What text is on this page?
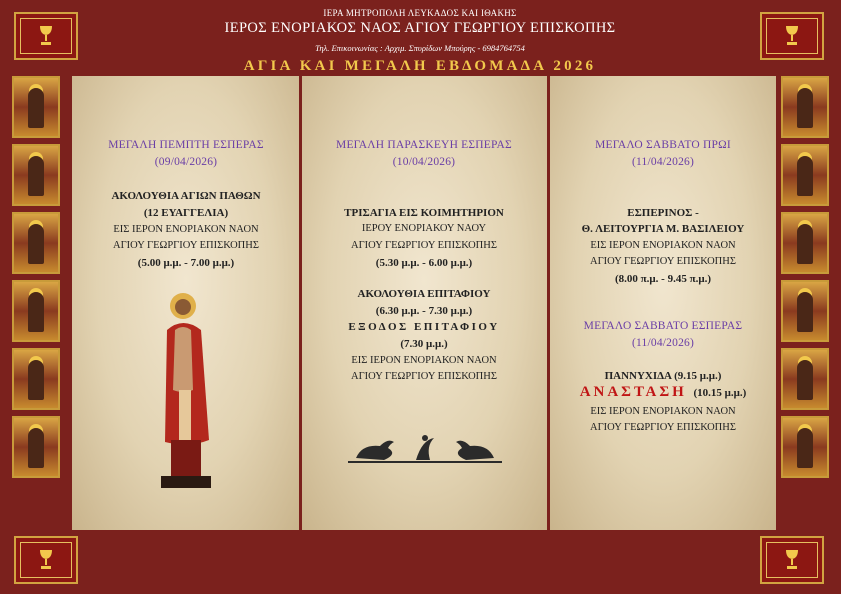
ΙΕΡΑ ΜΗΤΡΟΠΟΛΗ ΛΕΥΚΑΔΟΣ ΚΑΙ ΙΘΑΚΗΣ
ΙΕΡΟΣ ΕΝΟΡΙΑΚΟΣ ΝΑΟΣ ΑΓΙΟΥ ΓΕΩΡΓΙΟΥ ΕΠΙΣΚΟΠΗΣ
Τηλ. Επικοινωνίας : Αρχιμ. Σπυρίδων Μπούρης - 6984764754
ΑΓΙΑ ΚΑΙ ΜΕΓΑΛΗ ΕΒΔΟΜΑΔΑ 2026
ΜΕΓΑΛΗ ΠΕΜΠΤΗ ΕΣΠΕΡΑΣ
(09/04/2026)
ΑΚΟΛΟΥΘΙΑ ΑΓΙΩΝ ΠΑΘΩΝ
(12 ΕΥΑΓΓΕΛΙΑ)
ΕΙΣ ΙΕΡΟΝ ΕΝΟΡΙΑΚΟΝ ΝΑΟΝ
ΑΓΙΟΥ ΓΕΩΡΓΙΟΥ ΕΠΙΣΚΟΠΗΣ
(5.00 μ.μ. - 7.00 μ.μ.)
ΜΕΓΑΛΗ ΠΑΡΑΣΚΕΥΗ ΕΣΠΕΡΑΣ
(10/04/2026)
ΤΡΙΣΑΓΙΑ ΕΙΣ ΚΟΙΜΗΤΗΡΙΟΝ
ΙΕΡΟΥ ΕΝΟΡΙΑΚΟΥ ΝΑΟΥ
ΑΓΙΟΥ ΓΕΩΡΓΙΟΥ ΕΠΙΣΚΟΠΗΣ
(5.30 μ.μ. - 6.00 μ.μ.)
ΑΚΟΛΟΥΘΙΑ ΕΠΙΤΑΦΙΟΥ
(6.30 μ.μ. - 7.30 μ.μ.)
ΕΞΟΔΟΣ ΕΠΙΤΑΦΙΟΥ
(7.30 μ.μ.)
ΕΙΣ ΙΕΡΟΝ ΕΝΟΡΙΑΚΟΝ ΝΑΟΝ
ΑΓΙΟΥ ΓΕΩΡΓΙΟΥ ΕΠΙΣΚΟΠΗΣ
ΜΕΓΑΛΟ ΣΑΒΒΑΤΟ ΠΡΩΙ
(11/04/2026)
ΕΣΠΕΡΙΝΟΣ -
Θ. ΛΕΙΤΟΥΡΓΙΑ Μ. ΒΑΣΙΛΕΙΟΥ
ΕΙΣ ΙΕΡΟΝ ΕΝΟΡΙΑΚΟΝ ΝΑΟΝ
ΑΓΙΟΥ ΓΕΩΡΓΙΟΥ ΕΠΙΣΚΟΠΗΣ
(8.00 π.μ. - 9.45 π.μ.)
ΜΕΓΑΛΟ ΣΑΒΒΑΤΟ ΕΣΠΕΡΑΣ
(11/04/2026)
ΠΑΝΝΥΧΙΔΑ (9.15 μ.μ.)
ΑΝΑΣΤΑΣΗ (10.15 μ.μ.)
ΕΙΣ ΙΕΡΟΝ ΕΝΟΡΙΑΚΟΝ ΝΑΟΝ
ΑΓΙΟΥ ΓΕΩΡΓΙΟΥ ΕΠΙΣΚΟΠΗΣ
